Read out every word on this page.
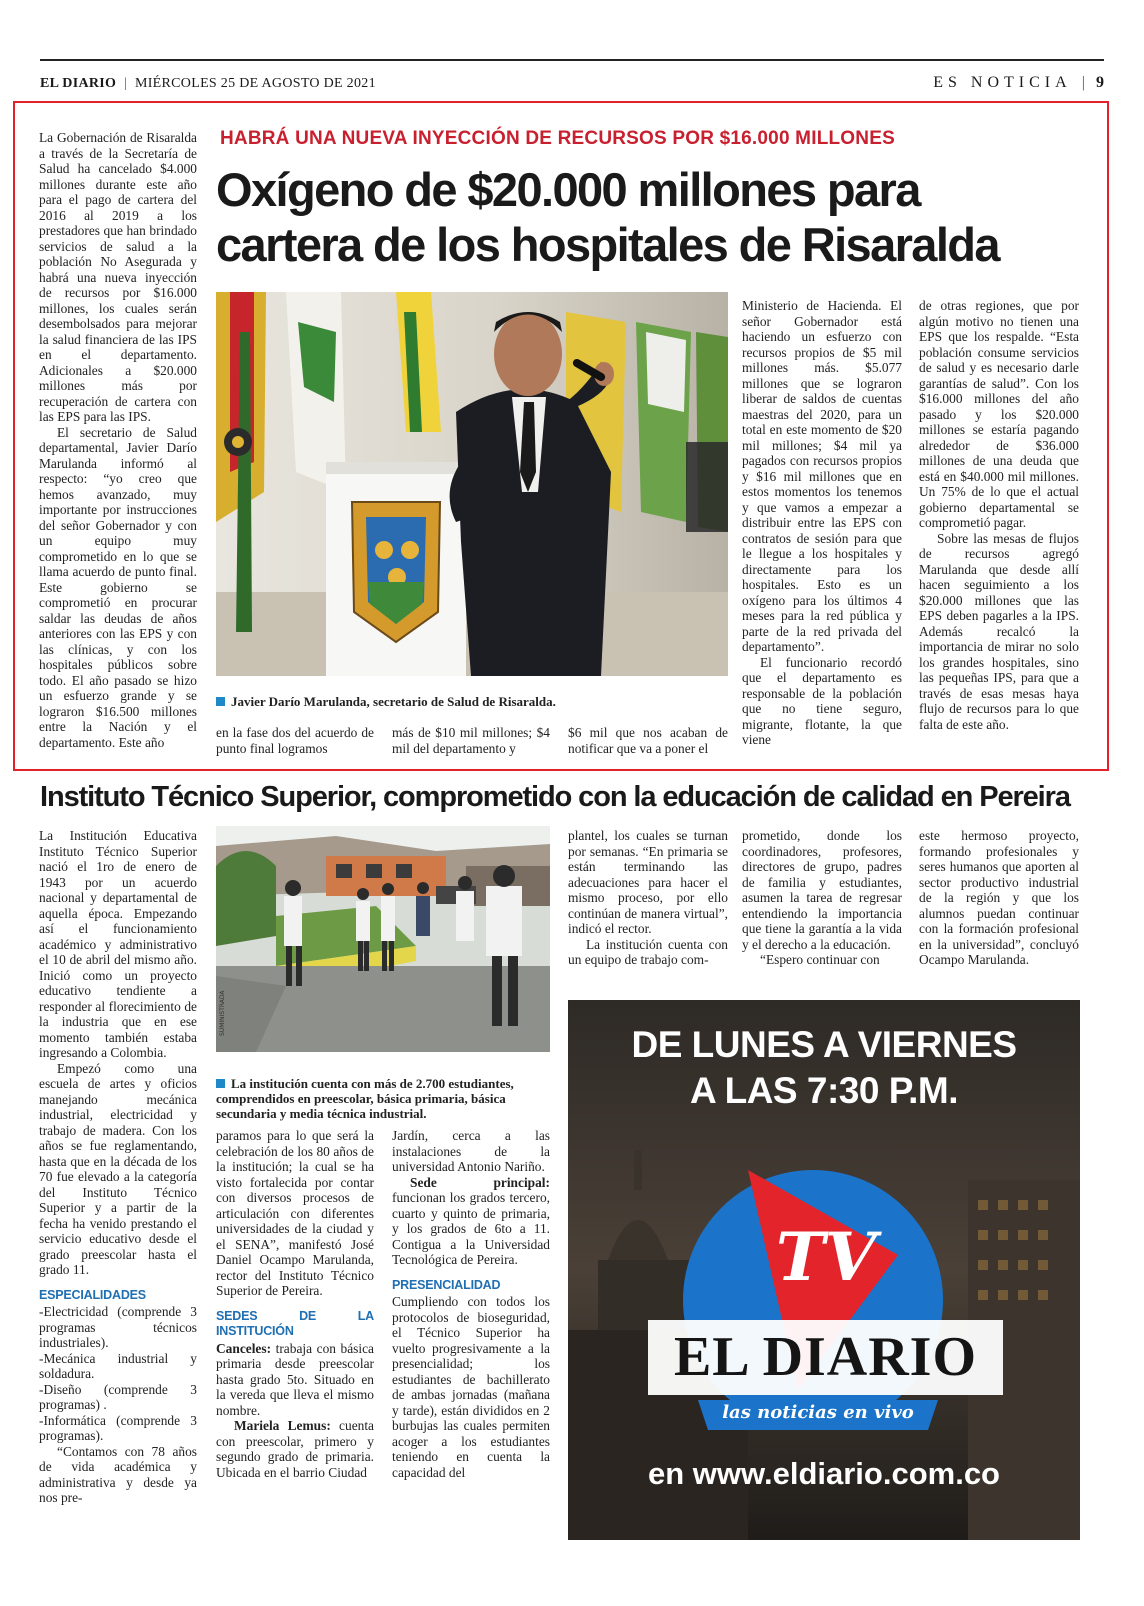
EL DIARIO | MIÉRCOLES 25 DE AGOSTO DE 2021	ES NOTICIA | 9

La Gobernación de Risaralda a través de la Secretaría de Salud ha cancelado $4.000 millones durante este año para el pago de cartera del 2016 al 2019 a los prestadores que han brindado servicios de salud a la población No Asegurada y habrá una nueva inyección de recursos por $16.000 millones, los cuales serán desembolsados para mejorar la salud financiera de las IPS en el departamento. Adicionales a $20.000 millones más por recuperación de cartera con las EPS para las IPS.

El secretario de Salud departamental, Javier Darío Marulanda informó al respecto: “yo creo que hemos avanzado, muy importante por instrucciones del señor Gobernador y con un equipo muy comprometido en lo que se llama acuerdo de punto final. Este gobierno se comprometió en procurar saldar las deudas de años anteriores con las EPS y con las clínicas, y con los hospitales públicos sobre todo. El año pasado se hizo un esfuerzo grande y se lograron $16.500 millones entre la Nación y el departamento. Este año

HABRÁ UNA NUEVA INYECCIÓN DE RECURSOS POR $16.000 MILLONES
Oxígeno de $20.000 millones para
cartera de los hospitales de Risaralda
Javier Darío Marulanda, secretario de Salud de Risaralda.

en la fase dos del acuerdo de punto final logramos

más de $10 mil millones; $4 mil del departamento y

$6 mil que nos acaban de notificar que va a poner el

Ministerio de Hacienda. El señor Gobernador está haciendo un esfuerzo con recursos propios de $5 mil millones más. $5.077 millones que se lograron liberar de saldos de cuentas maestras del 2020, para un total en este momento de $20 mil millones; $4 mil ya pagados con recursos propios y $16 mil millones que en estos momentos los tenemos y que vamos a empezar a distribuir entre las EPS con contratos de sesión para que le llegue a los hospitales y directamente para los hospitales. Esto es un oxígeno para los últimos 4 meses para la red pública y parte de la red privada del departamento”.

El funcionario recordó que el departamento es responsable de la población que no tiene seguro, migrante, flotante, la que viene

de otras regiones, que por algún motivo no tienen una EPS que los respalde. “Esta población consume servicios de salud y es necesario darle garantías de salud”. Con los $16.000 millones del año pasado y los $20.000 millones se estaría pagando alrededor de $36.000 millones de una deuda que está en $40.000 mil millones. Un 75% de lo que el actual gobierno departamental se comprometió pagar.

Sobre las mesas de flujos de recursos agregó Marulanda que desde allí hacen seguimiento a los $20.000 millones que las EPS deben pagarles a la IPS. Además recalcó la importancia de mirar no solo los grandes hospitales, sino las pequeñas IPS, para que a través de esas mesas haya flujo de recursos para lo que falta de este año.

Instituto Técnico Superior, comprometido con la educación de calidad en Pereira

La Institución Educativa Instituto Técnico Superior nació el 1ro de enero de 1943 por un acuerdo nacional y departamental de aquella época. Empezando así el funcionamiento académico y administrativo el 10 de abril del mismo año. Inició como un proyecto educativo tendiente a responder al florecimiento de la industria que en ese momento también estaba ingresando a Colombia.

Empezó como una escuela de artes y oficios manejando mecánica industrial, electricidad y trabajo de madera. Con los años se fue reglamentando, hasta que en la década de los 70 fue elevado a la categoría del Instituto Técnico Superior y a partir de la fecha ha venido prestando el servicio educativo desde el grado preescolar hasta el grado 11.

ESPECIALIDADES
-Electricidad (comprende 3 programas técnicos industriales).
-Mecánica industrial y soldadura.
-Diseño (comprende 3 programas) .
-Informática (comprende 3 programas).

“Contamos con 78 años de vida académica y administrativa y desde ya nos pre-

SUMINISTRADA
La institución cuenta con más de 2.700 estudiantes, comprendidos en preescolar, básica primaria, básica secundaria y media técnica industrial.

paramos para lo que será la celebración de los 80 años de la institución; la cual se ha visto fortalecida por contar con diversos procesos de articulación con diferentes universidades de la ciudad y el SENA”, manifestó José Daniel Ocampo Marulanda, rector del Instituto Técnico Superior de Pereira.

SEDES DE LA INSTITUCIÓN

Canceles: trabaja con básica primaria desde preescolar hasta grado 5to. Situado en la vereda que lleva el mismo nombre.

Mariela Lemus: cuenta con preescolar, primero y segundo grado de primaria. Ubicada en el barrio Ciudad

Jardín, cerca a las instalaciones de la universidad Antonio Nariño.

Sede principal: funcionan los grados tercero, cuarto y quinto de primaria, y los grados de 6to a 11. Contigua a la Universidad Tecnológica de Pereira.

PRESENCIALIDAD

Cumpliendo con todos los protocolos de bioseguridad, el Técnico Superior ha vuelto progresivamente a la presencialidad; los estudiantes de bachillerato de ambas jornadas (mañana y tarde), están divididos en 2 burbujas las cuales permiten acoger a los estudiantes teniendo en cuenta la capacidad del

plantel, los cuales se turnan por semanas. “En primaria se están terminando las adecuaciones para hacer el mismo proceso, por ello continúan de manera virtual”, indicó el rector.

La institución cuenta con un equipo de trabajo com-

prometido, donde los coordinadores, profesores, directores de grupo, padres de familia y estudiantes, asumen la tarea de regresar entendiendo la importancia que tiene la garantía a la vida y el derecho a la educación.

“Espero continuar con

este hermoso proyecto, formando profesionales y seres humanos que aporten al sector productivo industrial de la región y que los alumnos puedan continuar con la formación profesional en la universidad”, concluyó Ocampo Marulanda.

DE LUNES A VIERNES
A LAS 7:30 P.M.
TV
EL DIARIO
las noticias en vivo
en www.eldiario.com.co
